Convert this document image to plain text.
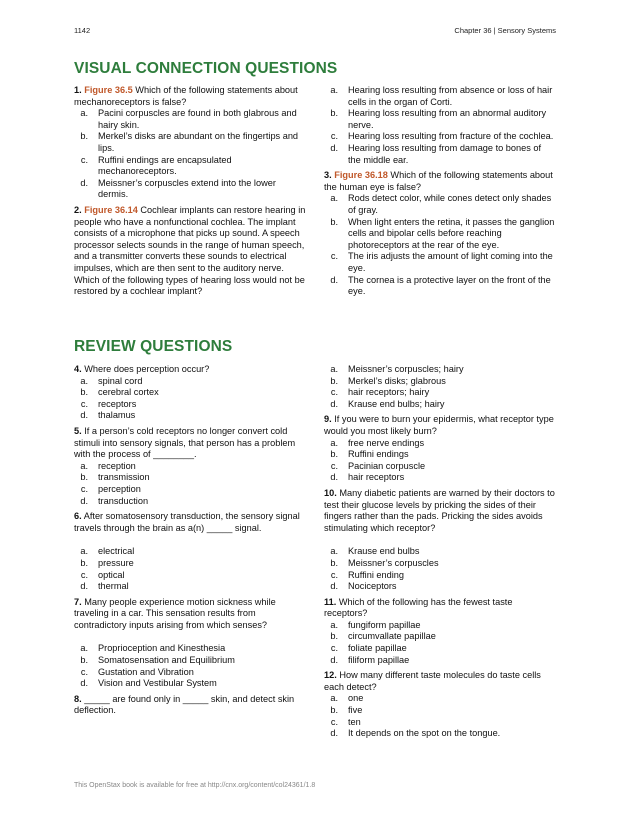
1142	Chapter 36 | Sensory Systems
VISUAL CONNECTION QUESTIONS
1. Figure 36.5 Which of the following statements about mechanoreceptors is false?
a.	Pacini corpuscles are found in both glabrous and hairy skin.
b.	Merkel’s disks are abundant on the fingertips and lips.
c.	Ruffini endings are encapsulated mechanoreceptors.
d.	Meissner’s corpuscles extend into the lower dermis.
2. Figure 36.14 Cochlear implants can restore hearing in people who have a nonfunctional cochlea. The implant consists of a microphone that picks up sound. A speech processor selects sounds in the range of human speech, and a transmitter converts these sounds to electrical impulses, which are then sent to the auditory nerve. Which of the following types of hearing loss would not be restored by a cochlear implant?
a.	Hearing loss resulting from absence or loss of hair cells in the organ of Corti.
b.	Hearing loss resulting from an abnormal auditory nerve.
c.	Hearing loss resulting from fracture of the cochlea.
d.	Hearing loss resulting from damage to bones of the middle ear.
3. Figure 36.18 Which of the following statements about the human eye is false?
a.	Rods detect color, while cones detect only shades of gray.
b.	When light enters the retina, it passes the ganglion cells and bipolar cells before reaching photoreceptors at the rear of the eye.
c.	The iris adjusts the amount of light coming into the eye.
d.	The cornea is a protective layer on the front of the eye.
REVIEW QUESTIONS
4. Where does perception occur?
a.	spinal cord
b.	cerebral cortex
c.	receptors
d.	thalamus
5. If a person’s cold receptors no longer convert cold stimuli into sensory signals, that person has a problem with the process of ________.
a.	reception
b.	transmission
c.	perception
d.	transduction
6. After somatosensory transduction, the sensory signal travels through the brain as a(n) _____ signal.
a.	electrical
b.	pressure
c.	optical
d.	thermal
7. Many people experience motion sickness while traveling in a car. This sensation results from contradictory inputs arising from which senses?
a.	Proprioception and Kinesthesia
b.	Somatosensation and Equilibrium
c.	Gustation and Vibration
d.	Vision and Vestibular System
8. _____ are found only in _____ skin, and detect skin deflection.
a.	Meissner’s corpuscles; hairy
b.	Merkel’s disks; glabrous
c.	hair receptors; hairy
d.	Krause end bulbs; hairy
9. If you were to burn your epidermis, what receptor type would you most likely burn?
a.	free nerve endings
b.	Ruffini endings
c.	Pacinian corpuscle
d.	hair receptors
10. Many diabetic patients are warned by their doctors to test their glucose levels by pricking the sides of their fingers rather than the pads. Pricking the sides avoids stimulating which receptor?
a.	Krause end bulbs
b.	Meissner’s corpuscles
c.	Ruffini ending
d.	Nociceptors
11. Which of the following has the fewest taste receptors?
a.	fungiform papillae
b.	circumvallate papillae
c.	foliate papillae
d.	filiform papillae
12. How many different taste molecules do taste cells each detect?
a.	one
b.	five
c.	ten
d.	It depends on the spot on the tongue.
This OpenStax book is available for free at http://cnx.org/content/col24361/1.8
